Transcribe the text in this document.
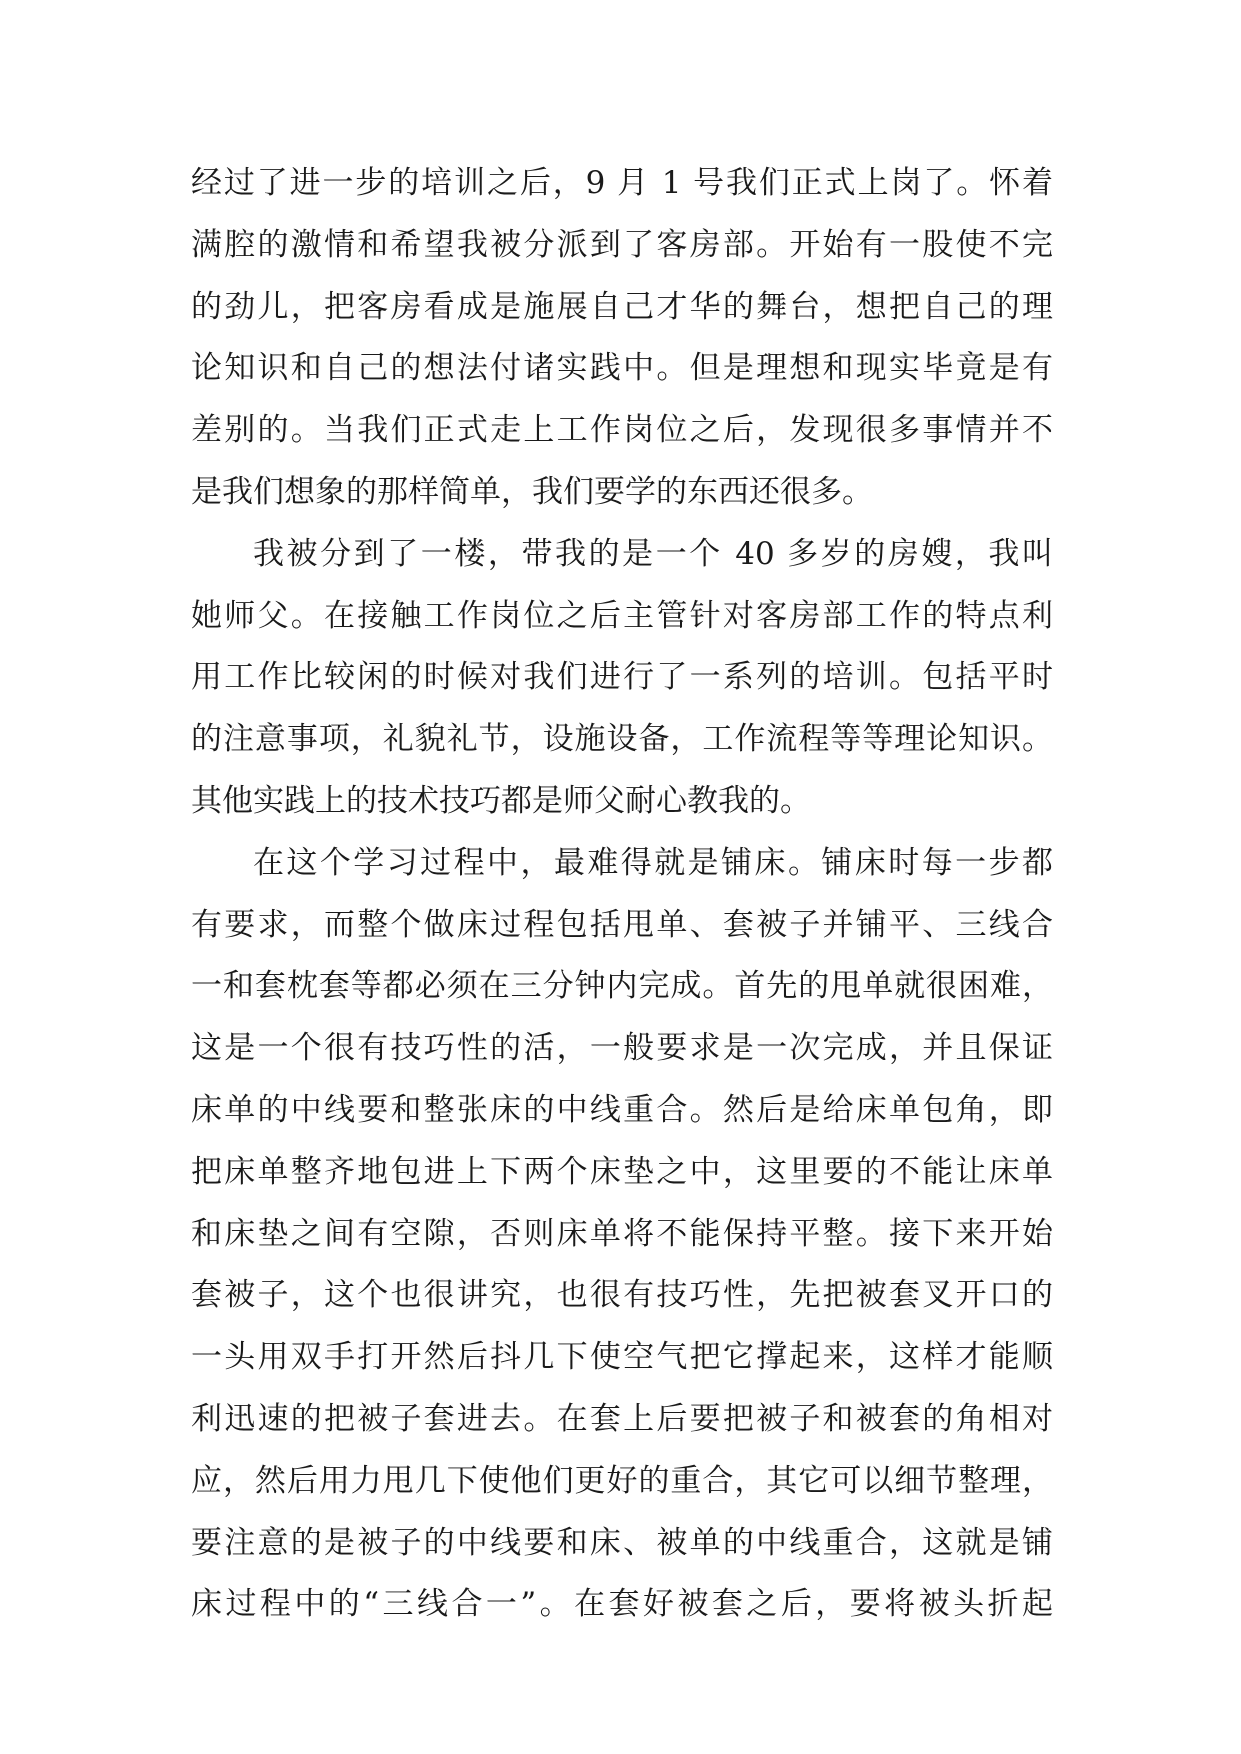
经过了进一步的培训之后，9 月 1 号我们正式上岗了。怀着
满腔的激情和希望我被分派到了客房部。开始有一股使不完
的劲儿，把客房看成是施展自己才华的舞台，想把自己的理
论知识和自己的想法付诸实践中。但是理想和现实毕竟是有
差别的。当我们正式走上工作岗位之后，发现很多事情并不
是我们想象的那样简单，我们要学的东西还很多。
我被分到了一楼，带我的是一个 40 多岁的房嫂，我叫
她师父。在接触工作岗位之后主管针对客房部工作的特点利
用工作比较闲的时候对我们进行了一系列的培训。包括平时
的注意事项，礼貌礼节，设施设备，工作流程等等理论知识。
其他实践上的技术技巧都是师父耐心教我的。
在这个学习过程中，最难得就是铺床。铺床时每一步都
有要求，而整个做床过程包括甩单、套被子并铺平、三线合
一和套枕套等都必须在三分钟内完成。首先的甩单就很困难，
这是一个很有技巧性的活，一般要求是一次完成，并且保证
床单的中线要和整张床的中线重合。然后是给床单包角，即
把床单整齐地包进上下两个床垫之中，这里要的不能让床单
和床垫之间有空隙，否则床单将不能保持平整。接下来开始
套被子，这个也很讲究，也很有技巧性，先把被套叉开口的
一头用双手打开然后抖几下使空气把它撑起来，这样才能顺
利迅速的把被子套进去。在套上后要把被子和被套的角相对
应，然后用力甩几下使他们更好的重合，其它可以细节整理，
要注意的是被子的中线要和床、被单的中线重合，这就是铺
床过程中的“三线合一”。在套好被套之后，要将被头折起
